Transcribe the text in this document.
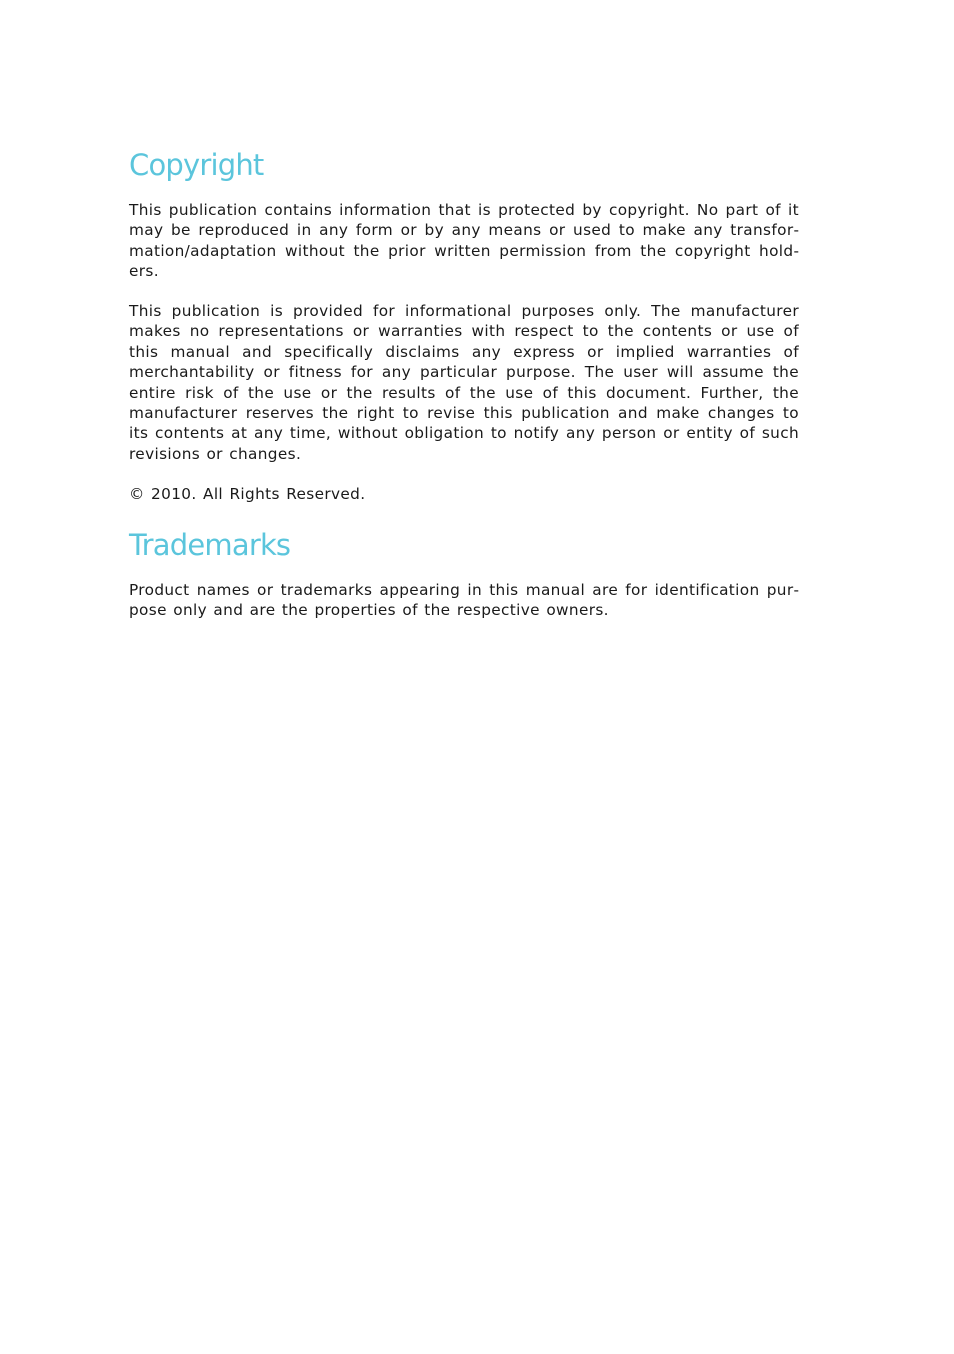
Copyright

This publication contains information that is protected by copyright. No part of it may be reproduced in any form or by any means or used to make any transformation/adaptation without the prior written permission from the copyright holders.

This publication is provided for informational purposes only. The manufacturer makes no representations or warranties with respect to the contents or use of this manual and specifically disclaims any express or implied warranties of merchantability or fitness for any particular purpose. The user will assume the entire risk of the use or the results of the use of this document. Further, the manufacturer reserves the right to revise this publication and make changes to its contents at any time, without obligation to notify any person or entity of such revisions or changes.

© 2010. All Rights Reserved.

Trademarks

Product names or trademarks appearing in this manual are for identification purpose only and are the properties of the respective owners.
